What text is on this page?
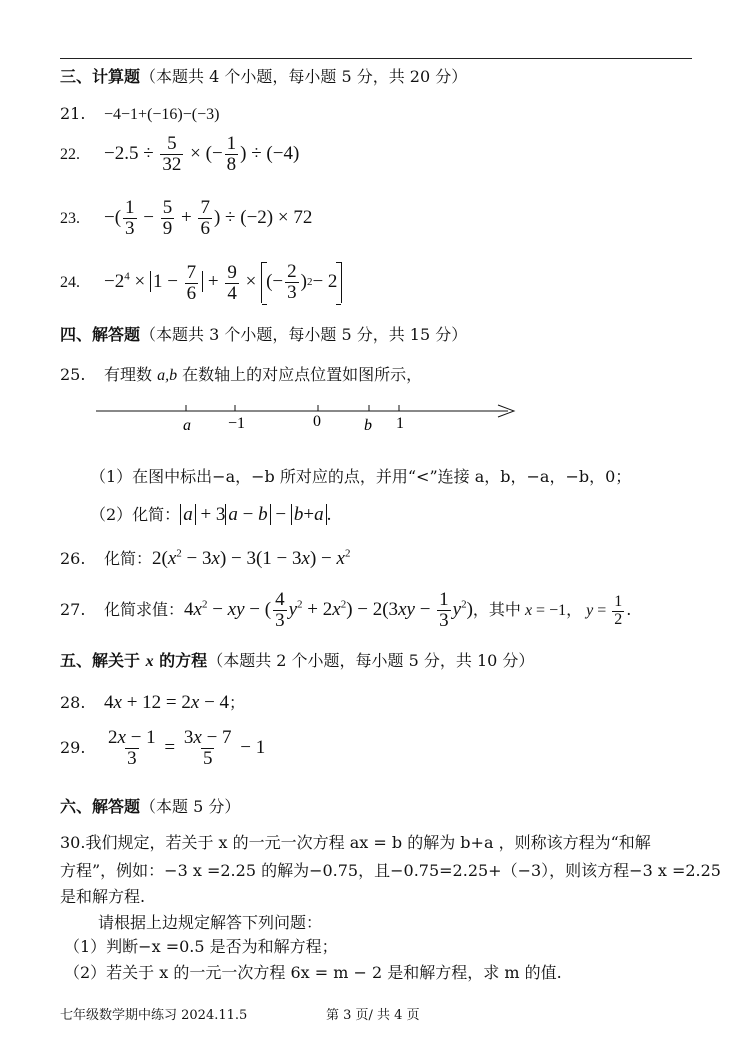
三、计算题（本题共 4 个小题，每小题 5 分，共 20 分）
21. −4−1+(−16)−(−3)
22. $-2.5 \div \frac{5}{32}$ × (− $\frac{1}{8}$ ) ÷ (−4)
23. −( $\frac{1}{3} - \frac{5}{9} + \frac{7}{6}$ ) ÷ (−2) × 72
24. $-2^4 \times 1 - \frac{7}{6} + \frac{9}{4}$ × (− $\frac{2}{3}$ ) 2 − 2
四、解答题（本题共 3 个小题，每小题 5 分，共 15 分）
25. 有理数 a,b 在数轴上的对应点位置如图所示，
a −1	0	b 1
（1）在图中标出−a，−b 所对应的点，并用“<”连接 a，b，−a，−b，0；
（2）化简： a + 3 a − b − b+a .
26. 化简：$2(x^2 - 3x) - 3(1 - 3x) - x^2$
27. 化简求值：$4x^2$ − xy − ( $\frac{4}{3} y^2 + 2x^2) - 2(3xy - \frac{1}{3} y^2)$，其中 x = −1， $y = \frac{1}{2}$ .
五、解关于 x 的方程（本题共 2 个小题，每小题 5 分，共 10 分）
28. 4x + 12 = 2x − 4；
29. $\frac{2x - 1}{3} = \frac{3x - 7}{5} - 1$
六、解答题（本题 5 分）
30.我们规定，若关于 x 的一元一次方程 ax = b 的解为 b+a ，则称该方程为“和解
方程”，例如：−3 x =2.25 的解为−0.75，且−0.75=2.25+（−3），则该方程−3 x =2.25
是和解方程.
请根据上边规定解答下列问题：
（1）判断−x =0.5 是否为和解方程；
（2）若关于 x 的一元一次方程 6x = m − 2 是和解方程，求 m 的值.
七年级数学期中练习 2024.11.5	第 3 页/ 共 4 页
